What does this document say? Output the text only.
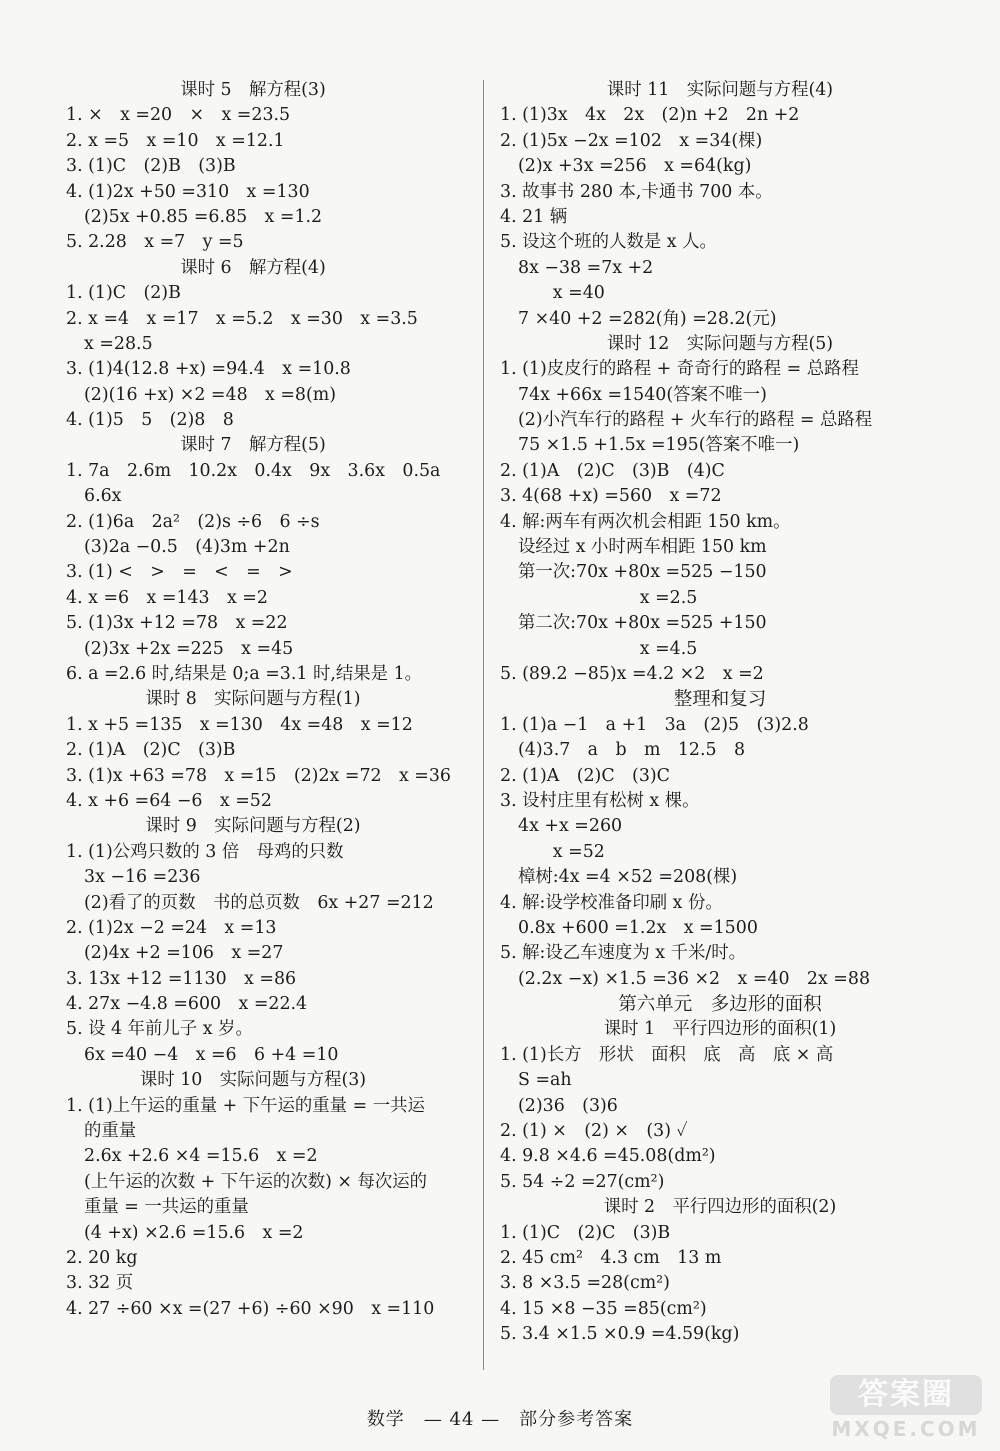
课时 5　解方程(3)
1. ×　x =20　×　x =23.5
2. x =5　x =10　x =12.1
3. (1)C　(2)B　(3)B
4. (1)2x +50 =310　x =130
(2)5x +0.85 =6.85　x =1.2
5. 2.28　x =7　y =5
课时 6　解方程(4)
1. (1)C　(2)B
2. x =4　x =17　x =5.2　x =30　x =3.5
x =28.5
3. (1)4(12.8 +x) =94.4　x =10.8
(2)(16 +x) ×2 =48　x =8(m)
4. (1)5　5　(2)8　8
课时 7　解方程(5)
1. 7a　2.6m　10.2x　0.4x　9x　3.6x　0.5a
6.6x
2. (1)6a　2a²　(2)s ÷6　6 ÷s
(3)2a −0.5　(4)3m +2n
3. (1) <　>　=　<　=　>
4. x =6　x =143　x =2
5. (1)3x +12 =78　x =22
(2)3x +2x =225　x =45
6. a =2.6 时,结果是 0;a =3.1 时,结果是 1。
课时 8　实际问题与方程(1)
1. x +5 =135　x =130　4x =48　x =12
2. (1)A　(2)C　(3)B
3. (1)x +63 =78　x =15　(2)2x =72　x =36
4. x +6 =64 −6　x =52
课时 9　实际问题与方程(2)
1. (1)公鸡只数的 3 倍　母鸡的只数
3x −16 =236
(2)看了的页数　书的总页数　6x +27 =212
2. (1)2x −2 =24　x =13
(2)4x +2 =106　x =27
3. 13x +12 =1130　x =86
4. 27x −4.8 =600　x =22.4
5. 设 4 年前儿子 x 岁。
6x =40 −4　x =6　6 +4 =10
课时 10　实际问题与方程(3)
1. (1)上午运的重量 + 下午运的重量 = 一共运
的重量
2.6x +2.6 ×4 =15.6　x =2
(上午运的次数 + 下午运的次数) × 每次运的
重量 = 一共运的重量
(4 +x) ×2.6 =15.6　x =2
2. 20 kg
3. 32 页
4. 27 ÷60 ×x =(27 +6) ÷60 ×90　x =110
课时 11　实际问题与方程(4)
1. (1)3x　4x　2x　(2)n +2　2n +2
2. (1)5x −2x =102　x =34(棵)
(2)x +3x =256　x =64(kg)
3. 故事书 280 本,卡通书 700 本。
4. 21 辆
5. 设这个班的人数是 x 人。
8x −38 =7x +2
　　x =40
7 ×40 +2 =282(角) =28.2(元)
课时 12　实际问题与方程(5)
1. (1)皮皮行的路程 + 奇奇行的路程 = 总路程
74x +66x =1540(答案不唯一)
(2)小汽车行的路程 + 火车行的路程 = 总路程
75 ×1.5 +1.5x =195(答案不唯一)
2. (1)A　(2)C　(3)B　(4)C
3. 4(68 +x) =560　x =72
4. 解:两车有两次机会相距 150 km。
设经过 x 小时两车相距 150 km
第一次:70x +80x =525 −150
　　　　　　　x =2.5
第二次:70x +80x =525 +150
　　　　　　　x =4.5
5. (89.2 −85)x =4.2 ×2　x =2
整理和复习
1. (1)a −1　a +1　3a　(2)5　(3)2.8
(4)3.7　a　b　m　12.5　8
2. (1)A　(2)C　(3)C
3. 设村庄里有松树 x 棵。
4x +x =260
　　x =52
樟树:4x =4 ×52 =208(棵)
4. 解:设学校准备印刷 x 份。
0.8x +600 =1.2x　x =1500
5. 解:设乙车速度为 x 千米/时。
(2.2x −x) ×1.5 =36 ×2　x =40　2x =88
第六单元　多边形的面积
课时 1　平行四边形的面积(1)
1. (1)长方　形状　面积　底　高　底 × 高
S =ah
(2)36　(3)6
2. (1) ×　(2) ×　(3) ✓
4. 9.8 ×4.6 =45.08(dm²)
5. 54 ÷2 =27(cm²)
课时 2　平行四边形的面积(2)
1. (1)C　(2)C　(3)B
2. 45 cm²　4.3 cm　13 m
3. 8 ×3.5 =28(cm²)
4. 15 ×8 −35 =85(cm²)
5. 3.4 ×1.5 ×0.9 =4.59(kg)
数学　— 44 —　部分参考答案
答案圈
MXQE.COM
